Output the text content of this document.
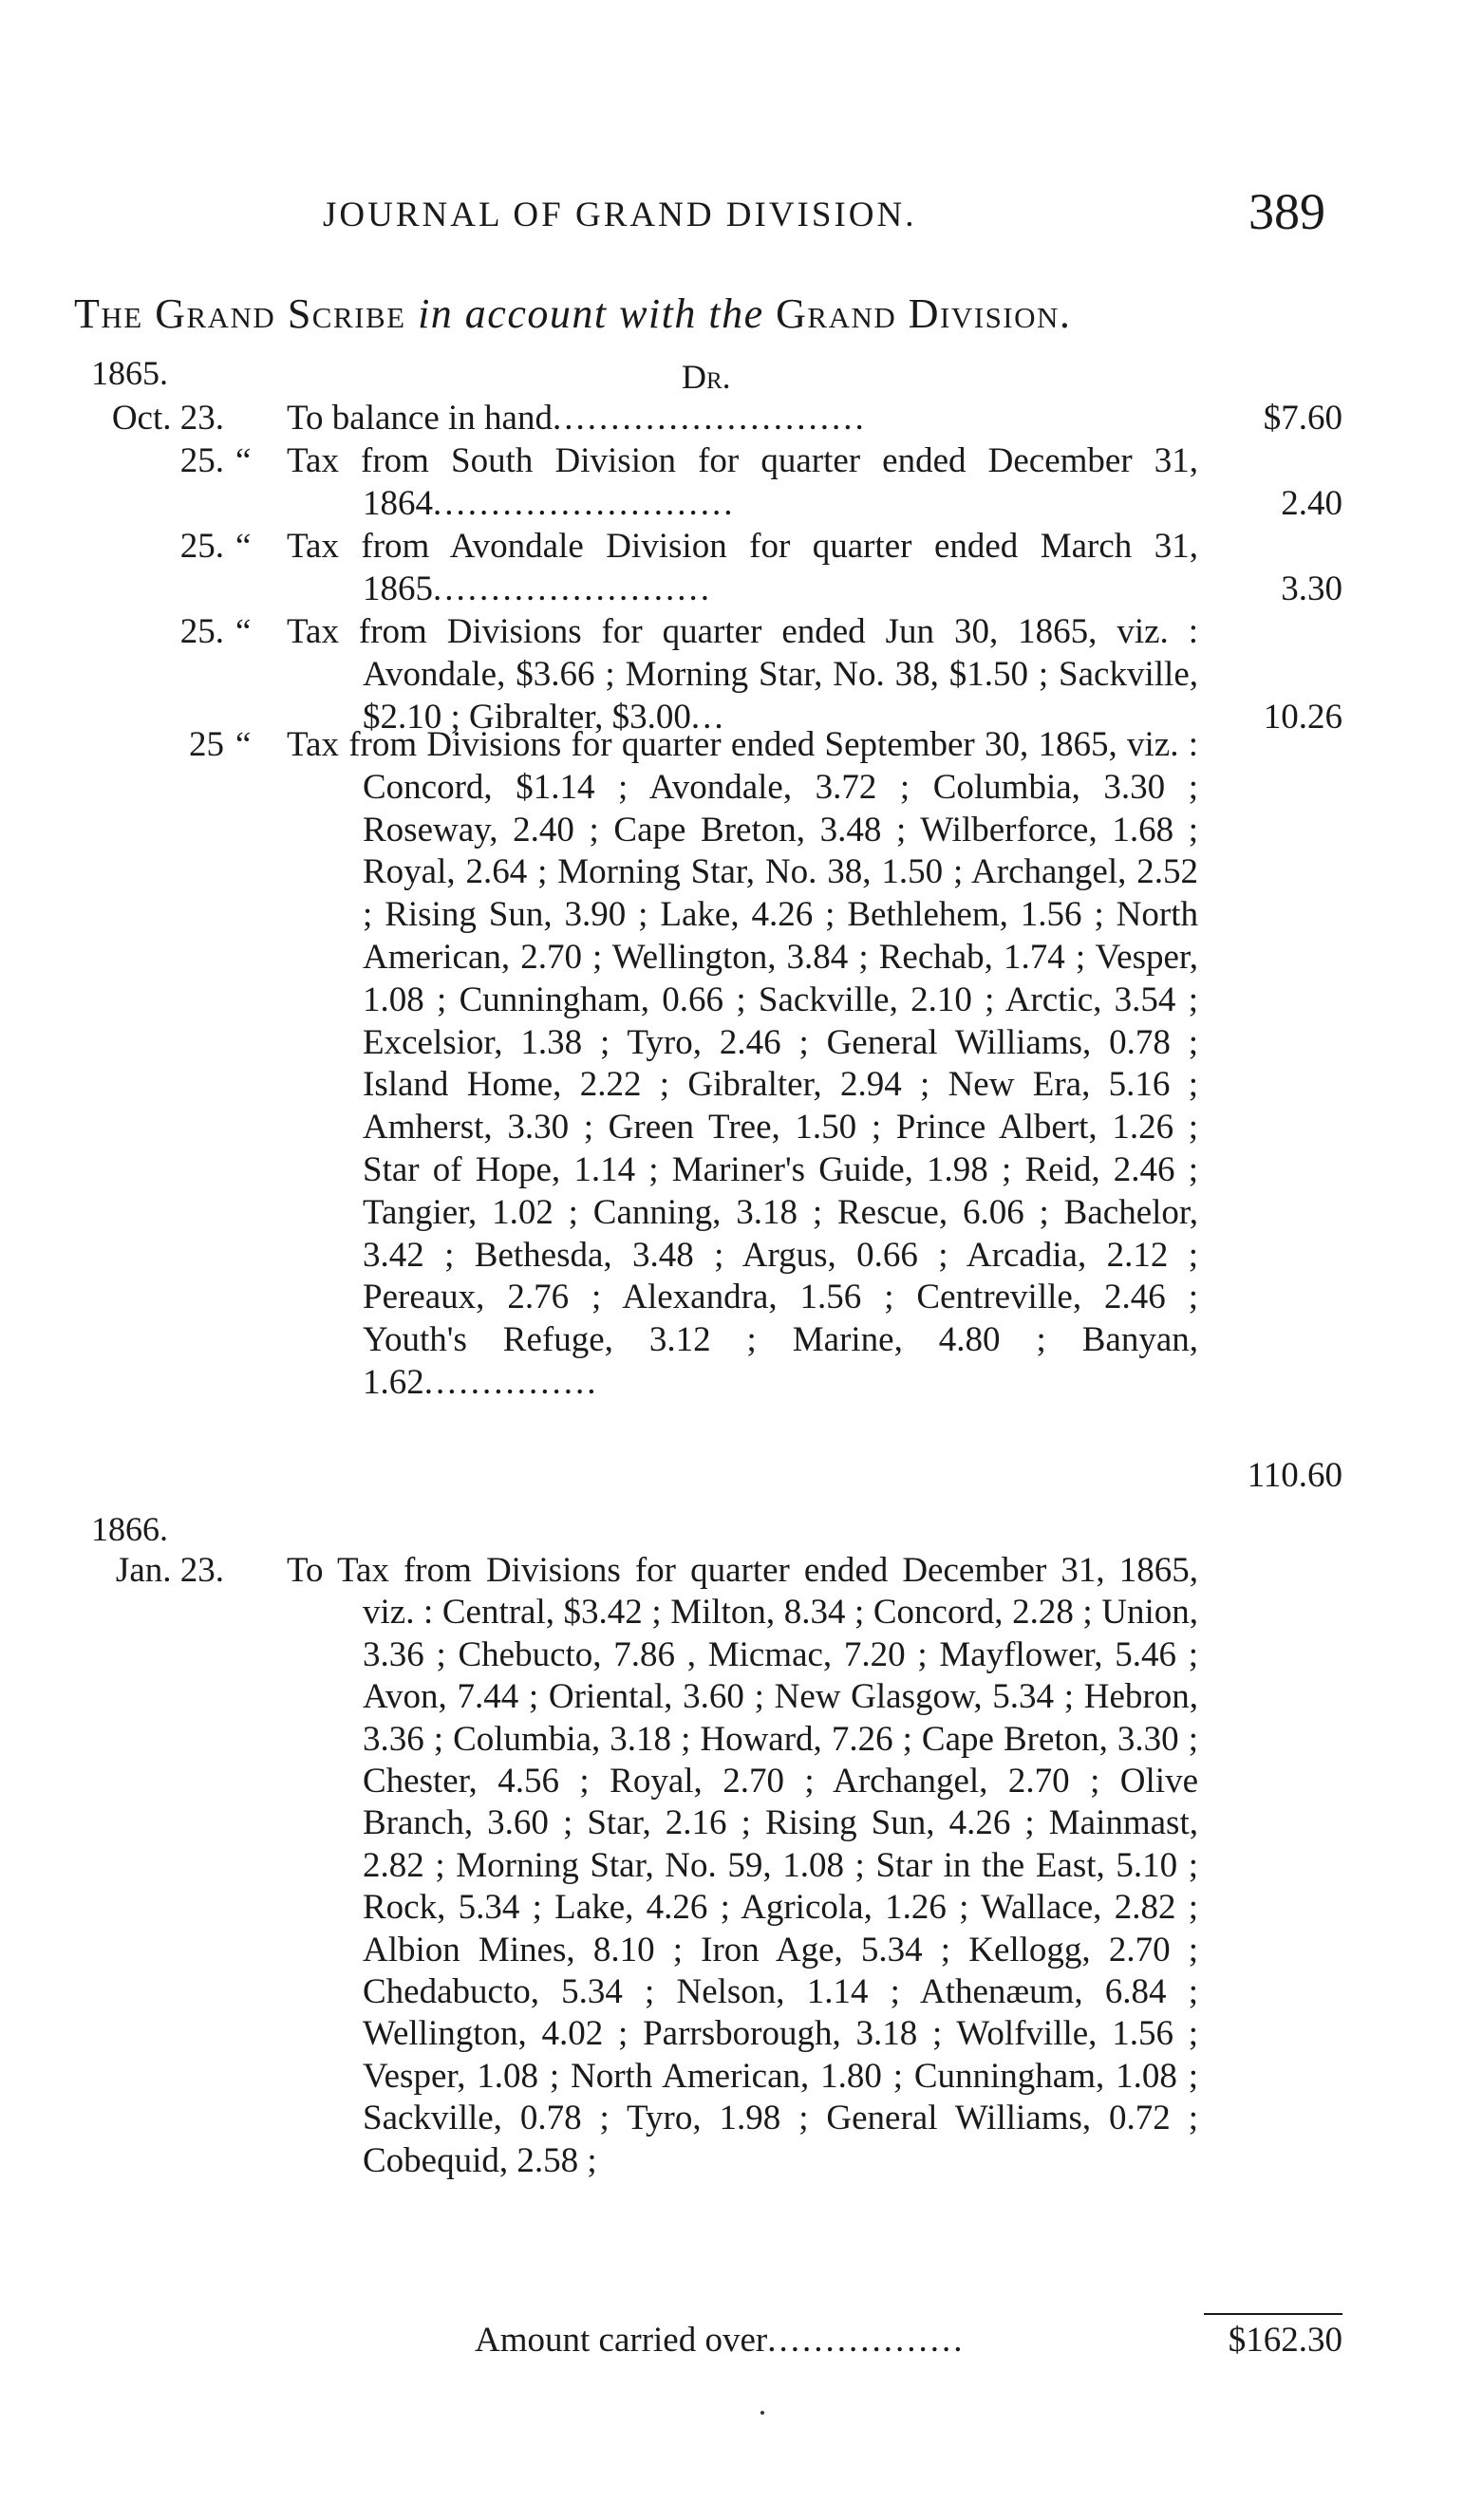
JOURNAL OF GRAND DIVISION.	389
The Grand Scribe in account with the Grand Division.
1865.	Dr.
Oct. 23. To balance in hand...........................	$7.60
25. “ Tax from South Division for quarter ended December 31, 1864..........................	2.40
25. “ Tax from Avondale Division for quarter ended March 31, 1865........................	3.30
25. “ Tax from Divisions for quarter ended Jun 30, 1865, viz. : Avondale, $3.66 ; Morning Star, No. 38, $1.50 ; Sackville, $2.10 ; Gibralter, $3.00...	10.26
25 “ Tax from Divisions for quarter ended September 30, 1865, viz. : Concord, $1.14 ; Avondale, 3.72 ; Columbia, 3.30 ; Roseway, 2.40 ; Cape Breton, 3.48 ; Wilberforce, 1.68 ; Royal, 2.64 ; Morning Star, No. 38, 1.50 ; Archangel, 2.52 ; Rising Sun, 3.90 ; Lake, 4.26 ; Bethlehem, 1.56 ; North American, 2.70 ; Wellington, 3.84 ; Rechab, 1.74 ; Vesper, 1.08 ; Cunningham, 0.66 ; Sackville, 2.10 ; Arctic, 3.54 ; Excelsior, 1.38 ; Tyro, 2.46 ; General Williams, 0.78 ; Island Home, 2.22 ; Gibralter, 2.94 ; New Era, 5.16 ; Amherst, 3.30 ; Green Tree, 1.50 ; Prince Albert, 1.26 ; Star of Hope, 1.14 ; Mariner's Guide, 1.98 ; Reid, 2.46 ; Tangier, 1.02 ; Canning, 3.18 ; Rescue, 6.06 ; Bachelor, 3.42 ; Bethesda, 3.48 ; Argus, 0.66 ; Arcadia, 2.12 ; Pereaux, 2.76 ; Alexandra, 1.56 ; Centreville, 2.46 ; Youth's Refuge, 3.12 ; Marine, 4.80 ; Banyan, 1.62...............
110.60
1866.
Jan. 23. To Tax from Divisions for quarter ended December 31, 1865, viz. : Central, $3.42 ; Milton, 8.34 ; Concord, 2.28 ; Union, 3.36 ; Chebucto, 7.86 , Micmac, 7.20 ; Mayflower, 5.46 ; Avon, 7.44 ; Oriental, 3.60 ; New Glasgow, 5.34 ; Hebron, 3.36 ; Columbia, 3.18 ; Howard, 7.26 ; Cape Breton, 3.30 ; Chester, 4.56 ; Royal, 2.70 ; Archangel, 2.70 ; Olive Branch, 3.60 ; Star, 2.16 ; Rising Sun, 4.26 ; Mainmast, 2.82 ; Morning Star, No. 59, 1.08 ; Star in the East, 5.10 ; Rock, 5.34 ; Lake, 4.26 ; Agricola, 1.26 ; Wallace, 2.82 ; Albion Mines, 8.10 ; Iron Age, 5.34 ; Kellogg, 2.70 ; Chedabucto, 5.34 ; Nelson, 1.14 ; Athenæum, 6.84 ; Wellington, 4.02 ; Parrsborough, 3.18 ; Wolfville, 1.56 ; Vesper, 1.08 ; North American, 1.80 ; Cunningham, 1.08 ; Sackville, 0.78 ; Tyro, 1.98 ; General Williams, 0.72 ; Cobequid, 2.58 ;
Amount carried over.................	$162.30
